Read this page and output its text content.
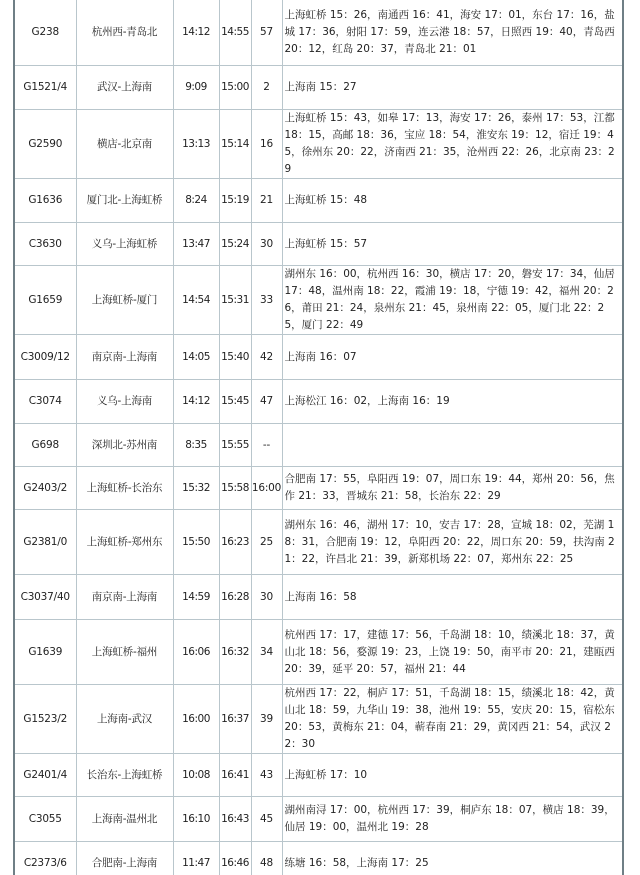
G238	杭州西-青岛北	14:12	14:55	57	上海虹桥 15：26，南通西 16：41，海安 17：01，东台 17：16，盐城 17：36，射阳 17：59，连云港 18：57，日照西 19：40，青岛西 20：12，红岛 20：37，青岛北 21：01
G1521/4	武汉-上海南	9:09	15:00	2	上海南 15：27
G2590	横店-北京南	13:13	15:14	16	上海虹桥 15：43，如皋 17：13，海安 17：26，泰州 17：53，江都 18：15，高邮 18：36，宝应 18：54，淮安东 19：12，宿迁 19：45，徐州东 20：22，济南西 21：35，沧州西 22：26，北京南 23：29
G1636	厦门北-上海虹桥	8:24	15:19	21	上海虹桥 15：48
C3630	义乌-上海虹桥	13:47	15:24	30	上海虹桥 15：57
G1659	上海虹桥-厦门	14:54	15:31	33	湖州东 16：00，杭州西 16：30，横店 17：20，磐安 17：34，仙居 17：48，温州南 18：22，霞浦 19：18，宁德 19：42，福州 20：26，莆田 21：24，泉州东 21：45，泉州南 22：05，厦门北 22：25，厦门 22：49
C3009/12	南京南-上海南	14:05	15:40	42	上海南 16：07
C3074	义乌-上海南	14:12	15:45	47	上海松江 16：02，上海南 16：19
G698	深圳北-苏州南	8:35	15:55	--	
G2403/2	上海虹桥-长治东	15:32	15:58	16:00	合肥南 17：55，阜阳西 19：07，周口东 19：44，郑州 20：56，焦作 21：33，晋城东 21：58，长治东 22：29
G2381/0	上海虹桥-郑州东	15:50	16:23	25	湖州东 16：46，湖州 17：10，安吉 17：28，宣城 18：02，芜湖 18：31，合肥南 19：12，阜阳西 20：22，周口东 20：59，扶沟南 21：22，许昌北 21：39，新郑机场 22：07，郑州东 22：25
C3037/40	南京南-上海南	14:59	16:28	30	上海南 16：58
G1639	上海虹桥-福州	16:06	16:32	34	杭州西 17：17，建德 17：56，千岛湖 18：10，绩溪北 18：37，黄山北 18：56，婺源 19：23，上饶 19：50，南平市 20：21，建瓯西 20：39，延平 20：57，福州 21：44
G1523/2	上海南-武汉	16:00	16:37	39	杭州西 17：22，桐庐 17：51，千岛湖 18：15，绩溪北 18：42，黄山北 18：59，九华山 19：38，池州 19：55，安庆 20：15，宿松东 20：53，黄梅东 21：04，蕲春南 21：29，黄冈西 21：54，武汉 22：30
G2401/4	长治东-上海虹桥	10:08	16:41	43	上海虹桥 17：10
C3055	上海南-温州北	16:10	16:43	45	湖州南浔 17：00，杭州西 17：39，桐庐东 18：07，横店 18：39，仙居 19：00，温州北 19：28
C2373/6	合肥南-上海南	11:47	16:46	48	练塘 16：58，上海南 17：25
